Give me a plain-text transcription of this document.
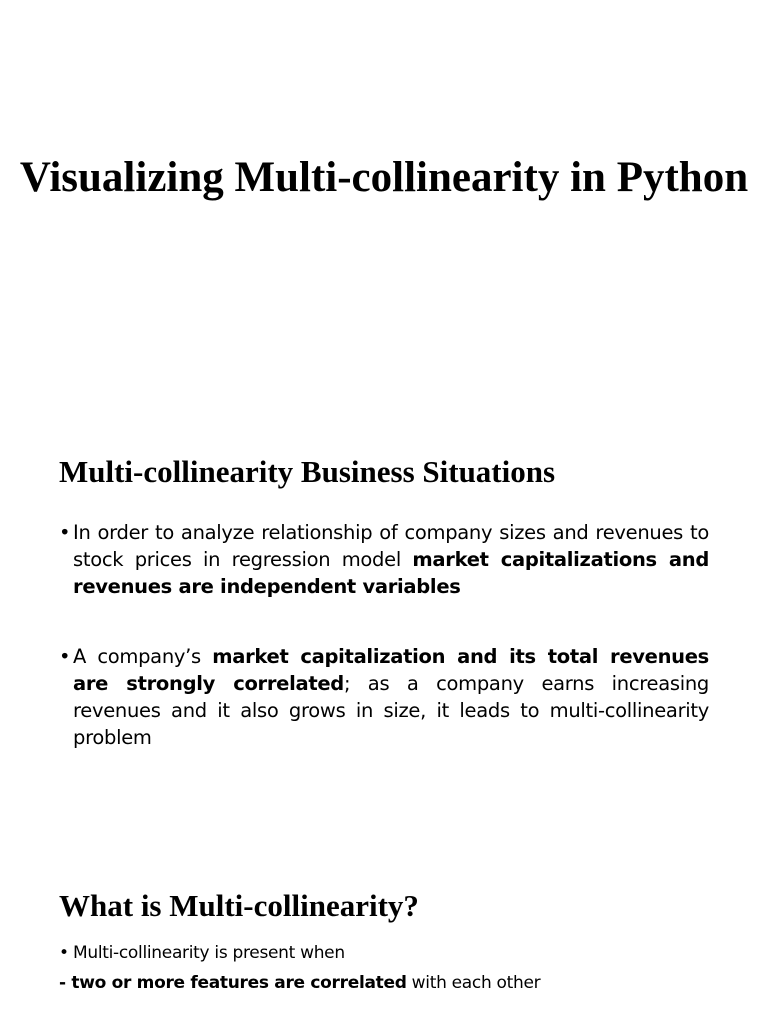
Visualizing Multi-collinearity in Python
Multi-collinearity Business Situations
• In order to analyze relationship of company sizes and revenues to stock prices in regression model market capitalizations and revenues are independent variables
• A company’s market capitalization and its total revenues are strongly correlated; as a company earns increasing revenues and it also grows in size, it leads to multi-collinearity problem
What is Multi-collinearity?
• Multi-collinearity is present when
- two or more features are correlated with each other
